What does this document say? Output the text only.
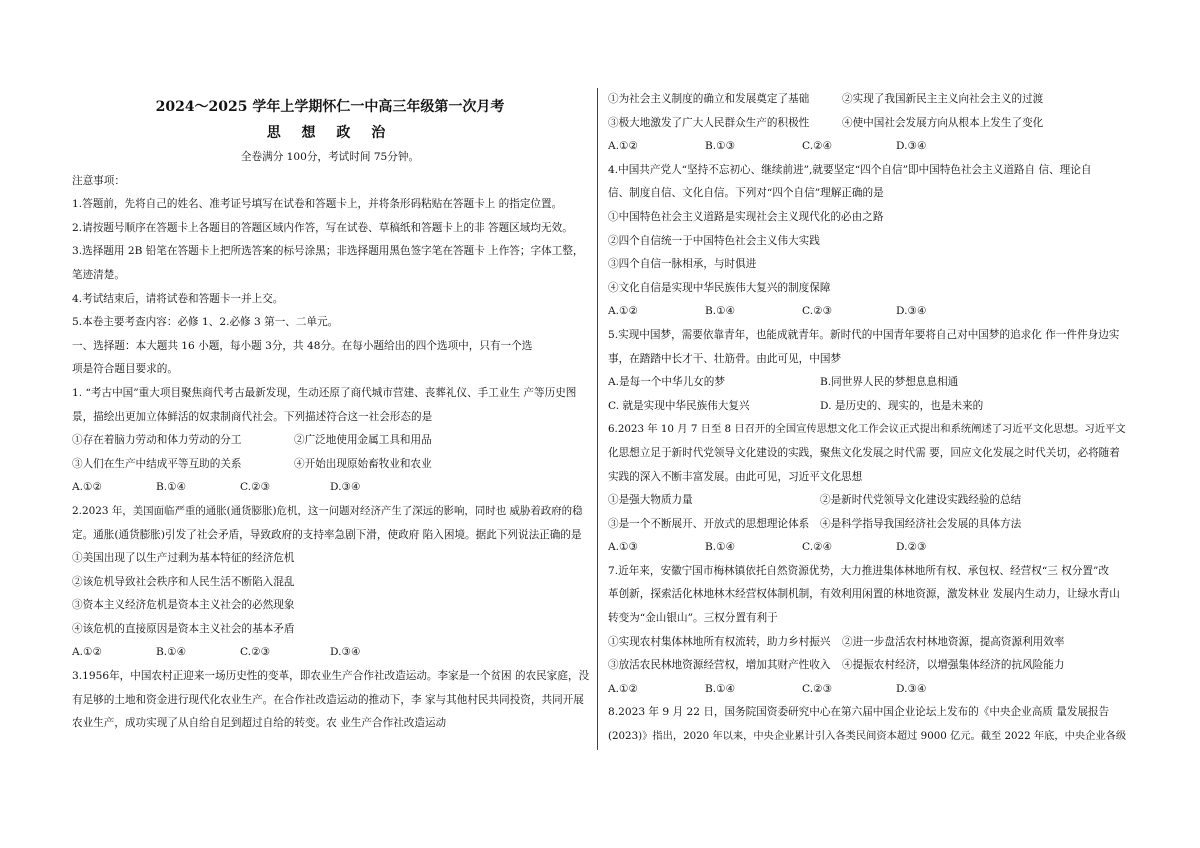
2024～2025 学年上学期怀仁一中高三年级第一次月考
思 想 政 治
全卷满分 100分，考试时间 75分钟。
注意事项：
1.答题前，先将自己的姓名、准考证号填写在试卷和答题卡上，并将条形码粘贴在答题卡上 的指定位置。
2.请按题号顺序在答题卡上各题目的答题区域内作答，写在试卷、草稿纸和答题卡上的非 答题区域均无效。
3.选择题用 2B 铅笔在答题卡上把所选答案的标号涂黑；非选择题用黑色签字笔在答题卡 上作答；字体工整，
笔迹清楚。
4.考试结束后，请将试卷和答题卡一并上交。
5.本卷主要考查内容：必修 1、2.必修 3 第一、二单元。
一、选择题：本大题共 16 小题，每小题 3分，共 48分。在每小题给出的四个选项中，只有一个选
项是符合题目要求的。
1. “考古中国”重大项目聚焦商代考古最新发现，生动还原了商代城市营建、丧葬礼仪、手工业生 产等历史图
景，描绘出更加立体鲜活的奴隶制商代社会。下列描述符合这一社会形态的是
①存在着脑力劳动和体力劳动的分工	②广泛地使用金属工具和用品
③人们在生产中结成平等互助的关系	④开始出现原始畜牧业和农业
A.①②	B.①④	C.②③	D.③④
2.2023 年，美国面临严重的通胀(通货膨胀)危机，这一问题对经济产生了深远的影响，同时也 威胁着政府的稳
定。通胀(通货膨胀)引发了社会矛盾，导致政府的支持率急剧下滑，使政府 陷入困境。据此下列说法正确的是
①美国出现了以生产过剩为基本特征的经济危机
②该危机导致社会秩序和人民生活不断陷入混乱
③资本主义经济危机是资本主义社会的必然现象
④该危机的直接原因是资本主义社会的基本矛盾
A.①②	B.①④	C.②③	D.③④
3.1956年，中国农村正迎来一场历史性的变革，即农业生产合作社改造运动。李家是一个贫困 的农民家庭，没
有足够的土地和资金进行现代化农业生产。在合作社改造运动的推动下，李 家与其他村民共同投资，共同开展
农业生产，成功实现了从自给自足到超过自给的转变。农 业生产合作社改造运动
①为社会主义制度的确立和发展奠定了基础	②实现了我国新民主主义向社会主义的过渡
③极大地激发了广大人民群众生产的积极性	④使中国社会发展方向从根本上发生了变化
A.①②	B.①③	C.②④	D.③④
4.中国共产党人“坚持不忘初心、继续前进”,就要坚定“四个自信”即中国特色社会主义道路自 信、理论自
信、制度自信、文化自信。下列对“四个自信”理解正确的是
①中国特色社会主义道路是实现社会主义现代化的必由之路
②四个自信统一于中国特色社会主义伟大实践
③四个自信一脉相承，与时俱进
④文化自信是实现中华民族伟大复兴的制度保障
A.①②	B.①④	C.②③	D.③④
5.实现中国梦，需要依靠青年，也能成就青年。新时代的中国青年要将自己对中国梦的追求化 作一件件身边实
事，在踏踏中长才干、壮筋骨。由此可见，中国梦
A.是每一个中华儿女的梦	B.同世界人民的梦想息息相通
C. 就是实现中华民族伟大复兴	D. 是历史的、现实的，也是未来的
6.2023 年 10 月 7 日至 8 日召开的全国宣传思想文化工作会议正式提出和系统阐述了习近平文化思想。习近平文
化思想立足于新时代党领导文化建设的实践，聚焦文化发展之时代需 要，回应文化发展之时代关切，必将随着
实践的深入不断丰富发展。由此可见，习近平文化思想
①是强大物质力量	②是新时代党领导文化建设实践经验的总结
③是一个不断展开、开放式的思想理论体系	④是科学指导我国经济社会发展的具体方法
A.①③	B.①④	C.②④	D.②③
7.近年来，安徽宁国市梅林镇依托自然资源优势，大力推进集体林地所有权、承包权、经营权“三 权分置”改
革创新，探索活化林地林木经营权体制机制，有效利用闲置的林地资源，激发林业 发展内生动力，让绿水青山
转变为“金山银山”。三权分置有利于
①实现农村集体林地所有权流转，助力乡村振兴	②进一步盘活农村林地资源，提高资源利用效率
③放活农民林地资源经营权，增加其财产性收入	④提振农村经济，以增强集体经济的抗风险能力
A.①②	B.①④	C.②③	D.③④
8.2023 年 9 月 22 日，国务院国资委研究中心在第六届中国企业论坛上发布的《中央企业高质 量发展报告
(2023)》指出，2020 年以来，中央企业累计引入各类民间资本超过 9000 亿元。截至 2022 年底，中央企业各级
